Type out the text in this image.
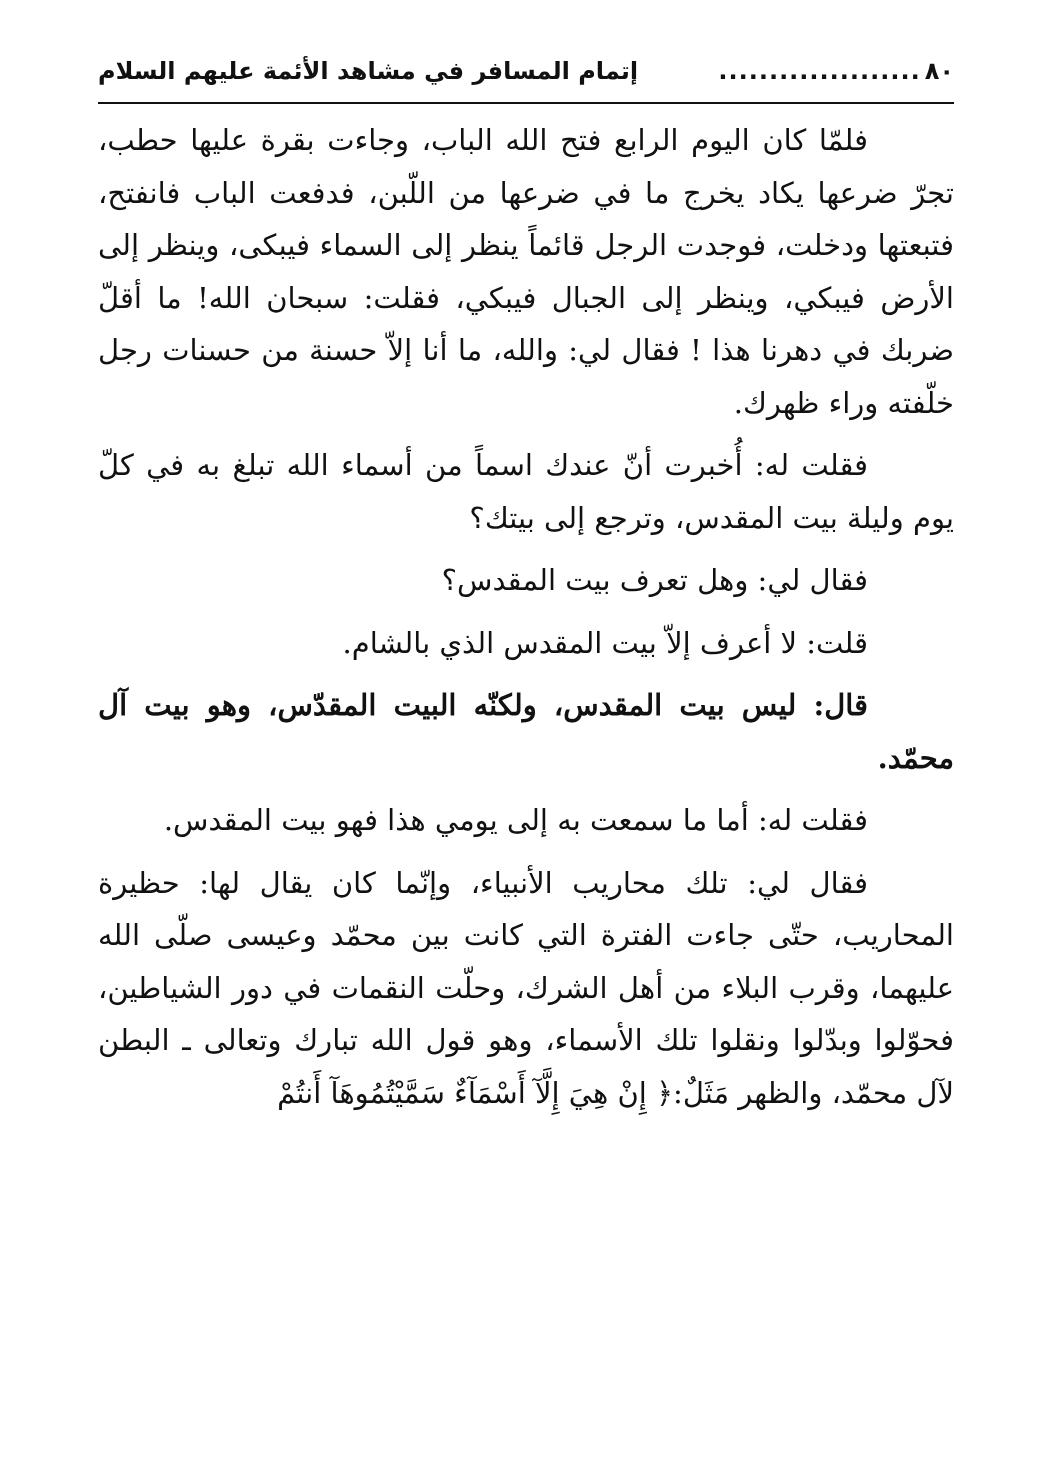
٨٠
....................
إتمام المسافر في مشاهد الأئمة عليهم السلام

فلمّا كان اليوم الرابع فتح الله الباب، وجاءت بقرة عليها حطب، تجرّ ضرعها يكاد يخرج ما في ضرعها من اللّبن، فدفعت الباب فانفتح، فتبعتها ودخلت، فوجدت الرجل قائماً ينظر إلى السماء فيبكى، وينظر إلى الأرض فيبكي، وينظر إلى الجبال فيبكي، فقلت: سبحان الله! ما أقلّ ضربك في دهرنا هذا ! فقال لي: والله، ما أنا إلاّ حسنة من حسنات رجل خلّفته وراء ظهرك.

فقلت له: أُخبرت أنّ عندك اسماً من أسماء الله تبلغ به في كلّ يوم وليلة بيت المقدس، وترجع إلى بيتك؟

فقال لي: وهل تعرف بيت المقدس؟

قلت: لا أعرف إلاّ بيت المقدس الذي بالشام.

قال: ليس بيت المقدس، ولكنّه البيت المقدّس، وهو بيت آل محمّد.

فقلت له: أما ما سمعت به إلى يومي هذا فهو بيت المقدس.

فقال لي: تلك محاريب الأنبياء، وإنّما كان يقال لها: حظيرة المحاريب، حتّى جاءت الفترة التي كانت بين محمّد وعيسى صلّى الله عليهما، وقرب البلاء من أهل الشرك، وحلّت النقمات في دور الشياطين، فحوّلوا وبدّلوا ونقلوا تلك الأسماء، وهو قول الله تبارك وتعالى ـ البطن لآل محمّد، والظهر مَثَلٌ:﴿ إِنْ هِيَ إِلَّآ أَسْمَآءٌ سَمَّيْتُمُوهَآ أَنتُمْ
